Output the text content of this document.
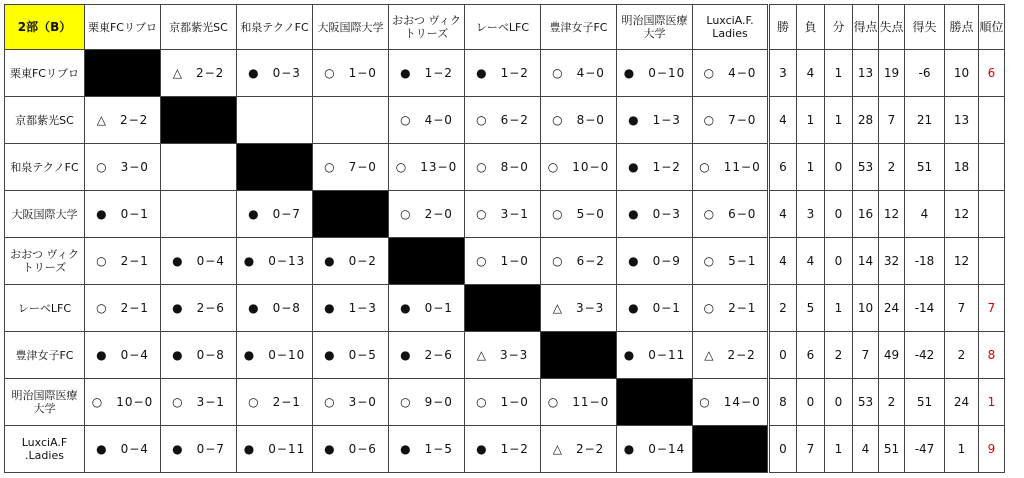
2部（B）	栗東FCリブロ	京都紫光SC	和泉テクノFC	大阪国際大学	おおつ ヴィクトリーズ	レーベLFC	豊津女子FC	明治国際医療 大学	LuxciA.F. Ladies	勝	負	分	得点	失点	得失	勝点	順位
栗東FCリブロ		△　2−2	●　0−3	○　1−0	●　1−2	●　1−2	○　4−0	●　0−10	○　4−0	3	4	1	13	19	-6	10	6
京都紫光SC	△　2−2				○　4−0	○　6−2	○　8−0	●　1−3	○　7−0	4	1	1	28	7	21	13	
和泉テクノFC	○　3−0			○　7−0	○　13−0	○　8−0	○　10−0	●　1−2	○　11−0	6	1	0	53	2	51	18	
大阪国際大学	●　0−1		●　0−7		○　2−0	○　3−1	○　5−0	●　0−3	○　6−0	4	3	0	16	12	4	12	
おおつ ヴィクトリーズ	○　2−1	●　0−4	●　0−13	●　0−2		○　1−0	○　6−2	●　0−9	○　5−1	4	4	0	14	32	-18	12	
レーベLFC	○　2−1	●　2−6	●　0−8	●　1−3	●　0−1		△　3−3	●　0−1	○　2−1	2	5	1	10	24	-14	7	7
豊津女子FC	●　0−4	●　0−8	●　0−10	●　0−5	●　2−6	△　3−3		●　0−11	△　2−2	0	6	2	7	49	-42	2	8
明治国際医療 大学	○　10−0	○　3−1	○　2−1	○　3−0	○　9−0	○　1−0	○　11−0		○　14−0	8	0	0	53	2	51	24	1
LuxciA.F .Ladies	●　0−4	●　0−7	●　0−11	●　0−6	●　1−5	●　1−2	△　2−2	●　0−14		0	7	1	4	51	-47	1	9
